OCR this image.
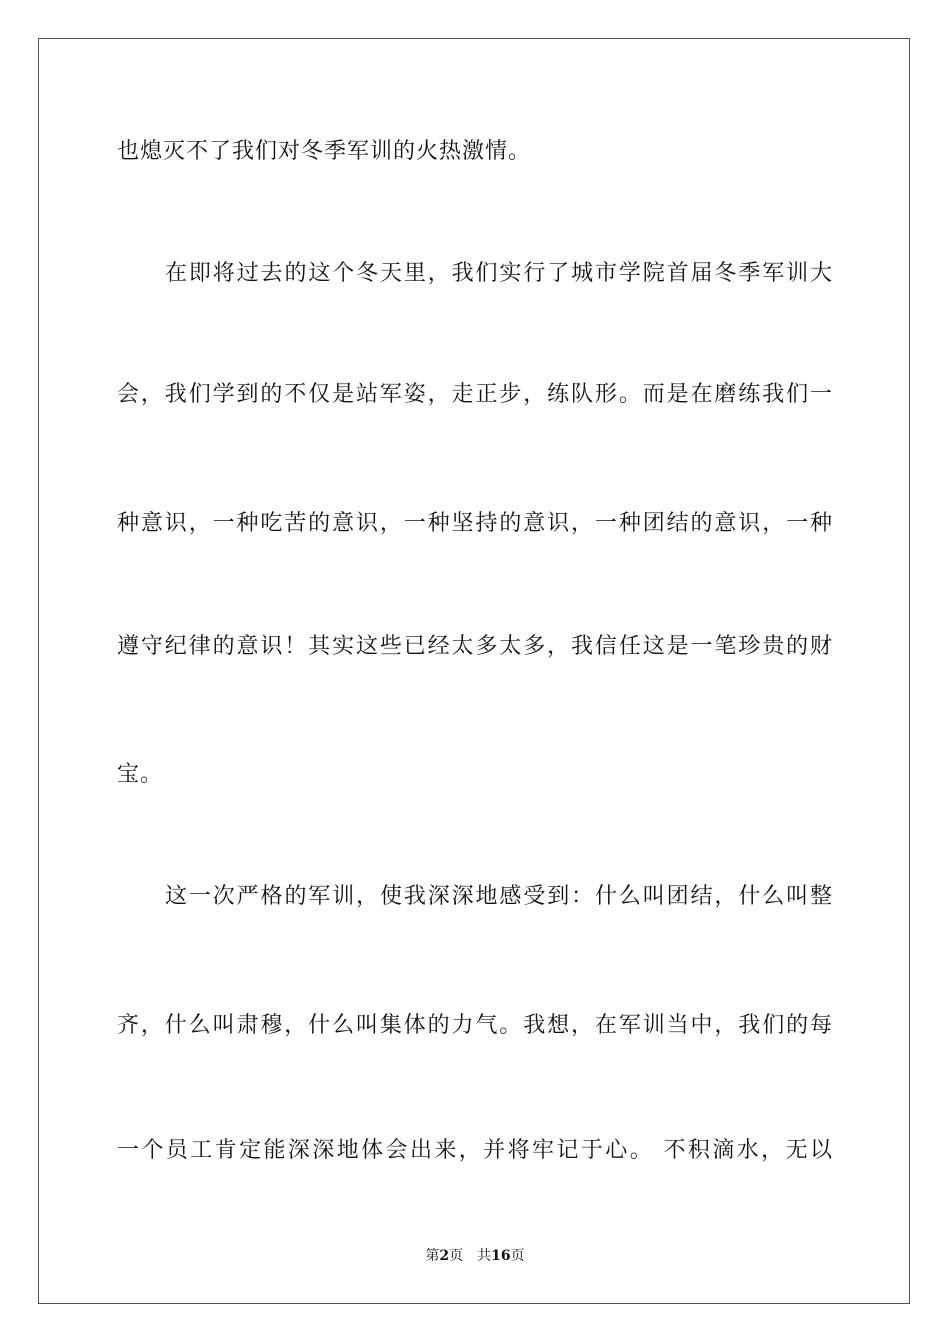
也熄灭不了我们对冬季军训的火热激情。
在即将过去的这个冬天里，我们实行了城市学院首届冬季军训大
会，我们学到的不仅是站军姿，走正步，练队形。而是在磨练我们一
种意识，一种吃苦的意识，一种坚持的意识，一种团结的意识，一种
遵守纪律的意识！其实这些已经太多太多，我信任这是一笔珍贵的财
宝。
这一次严格的军训，使我深深地感受到：什么叫团结，什么叫整
齐，什么叫肃穆，什么叫集体的力气。我想，在军训当中，我们的每
一个员工肯定能深深地体会出来，并将牢记于心。 不积滴水，无以
第2页 共16页
